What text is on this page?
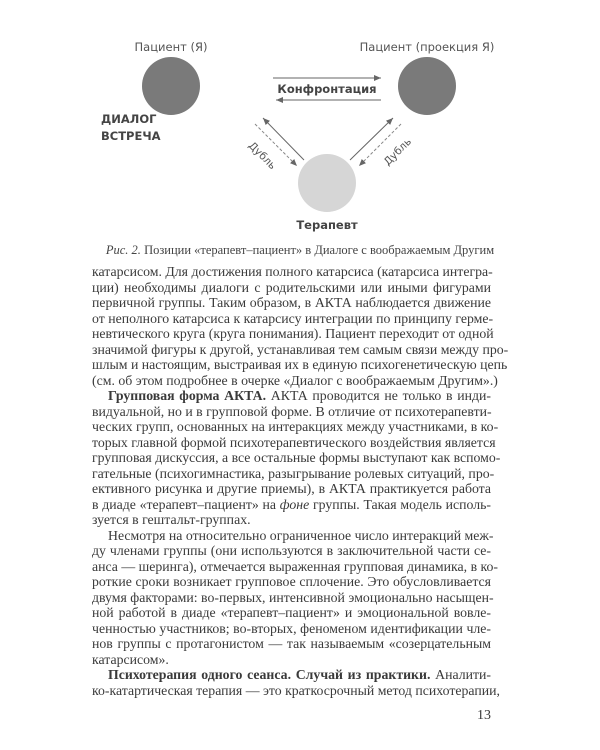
Пациент (Я)	Пациент (проекция Я)
Конфронтация
Дубль	Дубль
ДИАЛОГ
ВСТРЕЧА
Терапевт
Рис. 2. Позиции «терапевт–пациент» в Диалоге с воображаемым Другим
катарсисом. Для достижения полного катарсиса (катарсиса интегра-
ции) необходимы диалоги с родительскими или иными фигурами
первичной группы. Таким образом, в АКТА наблюдается движение
от неполного катарсиса к катарсису интеграции по принципу герме-
невтического круга (круга понимания). Пациент переходит от одной
значимой фигуры к другой, устанавливая тем самым связи между про-
шлым и настоящим, выстраивая их в единую психогенетическую цепь
(см. об этом подробнее в очерке «Диалог с воображаемым Другим».)
Групповая форма АКТА. АКТА проводится не только в инди-
видуальной, но и в групповой форме. В отличие от психотерапевти-
ческих групп, основанных на интеракциях между участниками, в ко-
торых главной формой психотерапевтического воздействия является
групповая дискуссия, а все остальные формы выступают как вспомо-
гательные (психогимнастика, разыгрывание ролевых ситуаций, про-
ективного рисунка и другие приемы), в АКТА практикуется работа
в диаде «терапевт–пациент» на фоне группы. Такая модель исполь-
зуется в гештальт-группах.
Несмотря на относительно ограниченное число интеракций меж-
ду членами группы (они используются в заключительной части се-
анса — шеринга), отмечается выраженная групповая динамика, в ко-
роткие сроки возникает групповое сплочение. Это обусловливается
двумя факторами: во-первых, интенсивной эмоционально насыщен-
ной работой в диаде «терапевт–пациент» и эмоциональной вовле-
ченностью участников; во-вторых, феноменом идентификации чле-
нов группы с протагонистом — так называемым «созерцательным
катарсисом».
Психотерапия одного сеанса. Случай из практики. Аналити-
ко-катартическая терапия — это краткосрочный метод психотерапии,
13
